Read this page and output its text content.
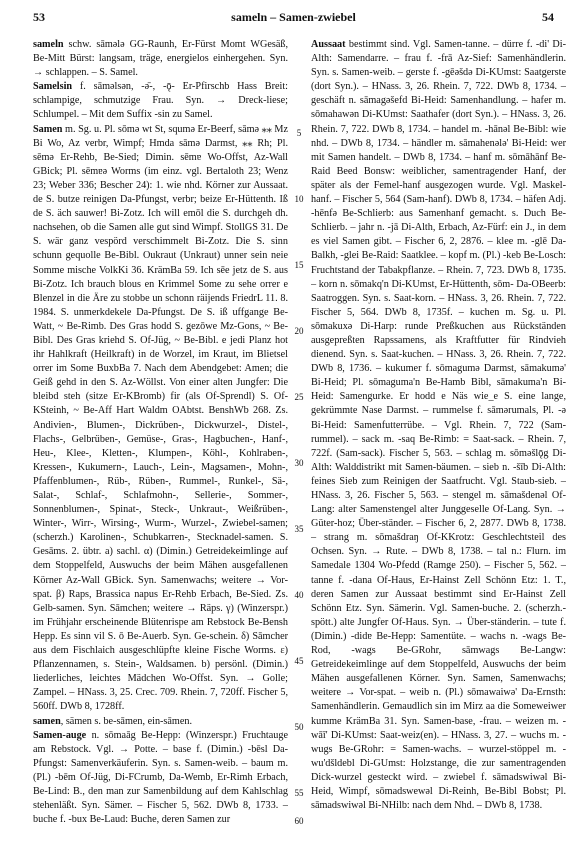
53	sameln – Samen-zwiebel	54

sameln schw. sāmələ GG-Raunh, Er-Fürst Momt WGesäß, Be-Mitt Bürst: langsam, träge, energielos einhergehen. Syn. → schlappen. – S. Samel.

Samelsin f. sāməlsən, -ə̄-, -ǭ- Er-Pfirschb Hass Breit: schlampige, schmutzige Frau. Syn. → Dreck-liese; Schlumpel. – Mit dem Suffix -sin zu Samel.

Samen m. Sg. u. Pl. sōmə wt St, squmə Er-Beerf, sāmə ⁎⁎ Mz Bi Wo, Az verbr, Wimpf; Hmda sāmə Darmst, ⁎⁎ Rh; Pl. sēmə Er-Rehb, Be-Sied; Dimin. sēmɐ Wo-Offst, Az-Wall GBick; Pl. sēmɐə Worms (im einz. vgl. Bertaloth 23; Wenz 23; Weber 336; Bescher 24): 1. wie nhd. Körner zur Aussaat. de S. butze reinigen Da-Pfungst, verbr; beize Er-Hüttenth. Iß de S. äch sauwer! Bi-Zotz. Ich will emōl die S. durchgeh dh. nachsehen, ob die Samen alle gut sind Wimpf. StollGS 31. De S. wär ganz vespörd verschimmelt Bi-Zotz. Die S. sinn schunn gequolle Be-Bibl. Oukraut (Unkraut) unner sein neie Somme mische VolkKi 36. KrämBa 59. Ich sēe jetz de S. aus Bi-Zotz. Ich brauch blous en Krimmel Some zu sehe orrer e Blenzel in die Äre zu stobbe un schonn räijends FriedrL 11. 8. 1984. S. unmerkdekele Da-Pfungst. De S. iß uffgange Be-Watt, ~ Be-Rimb. Des Gras hodd S. gezōwe Mz-Gons, ~ Be-Bibl. Des Gras kriehd S. Of-Jüg, ~ Be-Bibl. e jedi Planz hot ihr Hahlkraft (Heilkraft) in de Worzel, im Kraut, im Blietsel orrer im Some BuxbBa 7. Nach dem Abendgebet: Amen; die Geiß gehd in den S. Az-Wöllst. Von einer alten Jungfer: Die bleibd steh (sitze Er-KBromb) fir (als Of-Sprendl) S. Of-KSteinh, ~ Be-Aff Hart Waldm OAbtst. BenshWb 268. Zs. Andivien-, Blumen-, Dickrüben-, Dickwurzel-, Distel-, Flachs-, Gelbrüben-, Gemüse-, Gras-, Hagbuchen-, Hanf-, Heu-, Klee-, Kletten-, Klumpen-, Köhl-, Kohlraben-, Kressen-, Kukumern-, Lauch-, Lein-, Magsamen-, Mohn-, Pfaffenblumen-, Rüb-, Rüben-, Rummel-, Runkel-, Sä-, Salat-, Schlaf-, Schlafmohn-, Sellerie-, Sommer-, Sonnenblumen-, Spinat-, Steck-, Unkraut-, Weißrüben-, Winter-, Wirr-, Wirsing-, Wurm-, Wurzel-, Zwiebel-samen; (scherzh.) Karolinen-, Schubkarren-, Stecknadel-samen. S. Gesāms. 2. übtr. a) sachl. α) (Dimin.) Getreidekeimlinge auf dem Stoppelfeld, Auswuchs der beim Mähen ausgefallenen Körner Az-Wall GBick. Syn. Samenwachs; weitere → Vor-spat. β) Raps, Brassica napus Er-Rehb Erbach, Be-Sied. Zs. Gelb-samen. Syn. Sāmchen; weitere → Räps. γ) (Winzerspr.) im Frühjahr erscheinende Blütenrispe am Rebstock Be-Bensh Hepp. Es sinn vil S. ō Be-Auerb. Syn. Ge-schein. δ) Sāmcher aus dem Fischlaich ausgeschlüpfte kleine Fische Worms. ε) Pflanzennamen, s. Stein-, Waldsamen. b) persönl. (Dimin.) liederliches, leichtes Mädchen Wo-Offst. Syn. → Golle; Zampel. – HNass. 3, 25. Crec. 709. Rhein. 7, 720ff. Fischer 5, 560ff. DWb 8, 1728ff.

samen, sämen s. be-sāmen, ein-sāmen.

Samen-auge n. sōmaāg Be-Hepp: (Winzerspr.) Fruchtauge am Rebstock. Vgl. → Potte. – base f. (Dimin.) -bēsl Da-Pfungst: Samenverkäuferin. Syn. s. Samen-weib. – baum m. (Pl.) -bēm Of-Jüg, Di-FCrumb, Da-Wemb, Er-Rimh Erbach, Be-Lind: B., den man zur Samenbildung auf dem Kahlschlag stehenläßt. Syn. Sämer. – Fischer 5, 562. DWb 8, 1733. – buche f. -bux Be-Laud: Buche, deren Samen zur

5
10
15
20
25
30
35
40
45
50
55
60

Aussaat bestimmt sind. Vgl. Samen-tanne. – dürre f. -di' Di-Alth: Samendarre. – frau f. -frā Az-Sief: Samenhändlerin. Syn. s. Samen-weib. – gerste f. -gēəšdə Di-KUmst: Saatgerste (dort Syn.). – HNass. 3, 26. Rhein. 7, 722. DWb 8, 1734. – geschäft n. sāmagəšefd Bi-Heid: Samenhandlung. – hafer m. sōmahawən Di-KUmst: Saathafer (dort Syn.). – HNass. 3, 26. Rhein. 7, 722. DWb 8, 1734. – handel m. -hānəl Be-Bibl: wie nhd. – DWb 8, 1734. – händler m. sāmahenələ' Bi-Heid: wer mit Samen handelt. – DWb 8, 1734. – hanf m. sōmāhānf Be-Raid Beed Bonsw: weiblicher, samentragender Hanf, der später als der Femel-hanf ausgezogen wurde. Vgl. Maskel-hanf. – Fischer 5, 564 (Sam-hanf). DWb 8, 1734. – häfen Adj. -hēnfə Be-Schlierb: aus Samenhanf gemacht. s. Duch Be-Schlierb. – jahr n. -jā Di-Alth, Erbach, Az-Fürf: ein J., in dem es viel Samen gibt. – Fischer 6, 2, 2876. – klee m. -glē Da-Balkh, -glei Be-Raid: Saatklee. – kopf m. (Pl.) -keb Be-Losch: Fruchtstand der Tabakpflanze. – Rhein. 7, 723. DWb 8, 1735. – korn n. sōmakq'n Di-KUmst, Er-Hüttenth, sōm- Da-OBeerb: Saatroggen. Syn. s. Saat-korn. – HNass. 3, 26. Rhein. 7, 722. Fischer 5, 564. DWb 8, 1735f. – kuchen m. Sg. u. Pl. sōmakuxə Di-Harp: runde Preßkuchen aus Rückständen ausgepreßten Rapssamens, als Kraftfutter für Rindvieh dienend. Syn. s. Saat-kuchen. – HNass. 3, 26. Rhein. 7, 722. DWb 8, 1736. – kukumer f. sōmagumə Darmst, sāmakumə' Bi-Heid; Pl. sōmaguma'n Be-Hamb Bibl, sāmakuma'n Bi-Heid: Samengurke. Er hodd e Näs wie_e S. eine lange, gekrümmte Nase Darmst. – rummelse f. sāmərumals, Pl. -ə Bi-Heid: Samenfutterrübe. – Vgl. Rhein. 7, 722 (Sam-rummel). – sack m. -saq Be-Rimb: = Saat-sack. – Rhein. 7, 722f. (Sam-sack). Fischer 5, 563. – schlag m. sōməšlǭg Di-Alth: Walddistrikt mit Samen-bäumen. – sieb n. -šīb Di-Alth: feines Sieb zum Reinigen der Saatfrucht. Vgl. Staub-sieb. – HNass. 3, 26. Fischer 5, 563. – stengel m. sāmašdenəl Of-Lang: alter Samenstengel alter Junggeselle Of-Lang. Syn. → Güter-hoz; Über-ständer. – Fischer 6, 2, 2877. DWb 8, 1738. – strang m. sōmašdraŋ Of-KKrotz: Geschlechtsteil des Ochsen. Syn. → Rute. – DWb 8, 1738. – tal n.: Flurn. im Samedale 1304 Wo-Pfedd (Ramge 250). – Fischer 5, 562. – tanne f. -dana Of-Haus, Er-Hainst Zell Schönn Etz: 1. T., deren Samen zur Aussaat bestimmt sind Er-Hainst Zell Schönn Etz. Syn. Sämerin. Vgl. Samen-buche. 2. (scherzh.-spött.) alte Jungfer Of-Haus. Syn. → Über-ständerin. – tute f. (Dimin.) -didɐ Be-Hepp: Samentüte. – wachs n. -wags Be-Rod, -wags Be-GRohr, sāmwags Be-Langw: Getreidekeimlinge auf dem Stoppelfeld, Auswuchs der beim Mähen ausgefallenen Körner. Syn. Samen, Samenwachs; weitere → Vor-spat. – weib n. (Pl.) sōmawaiwə' Da-Ernsth: Samenhändlerin. Gemaudlich sin im Mirz aa die Someweiwer kumme KrämBa 31. Syn. Samen-base, -frau. – weizen m. -wāī' Di-KUmst: Saat-weiz(en). – HNass. 3, 27. – wuchs m. -wugs Be-GRohr: = Samen-wachs. – wurzel-stöppel m. -wu'dšldebl Di-GUmst: Holzstange, die zur samentragenden Dick-wurzel gesteckt wird. – zwiebel f. sāmadswiwəl Bi-Heid, Wimpf, sōmadswewəl Di-Reinh, Be-Bibl Bobst; Pl. sāmadswiwəl Bi-NHilb: nach dem Nhd. – DWb 8, 1738.
